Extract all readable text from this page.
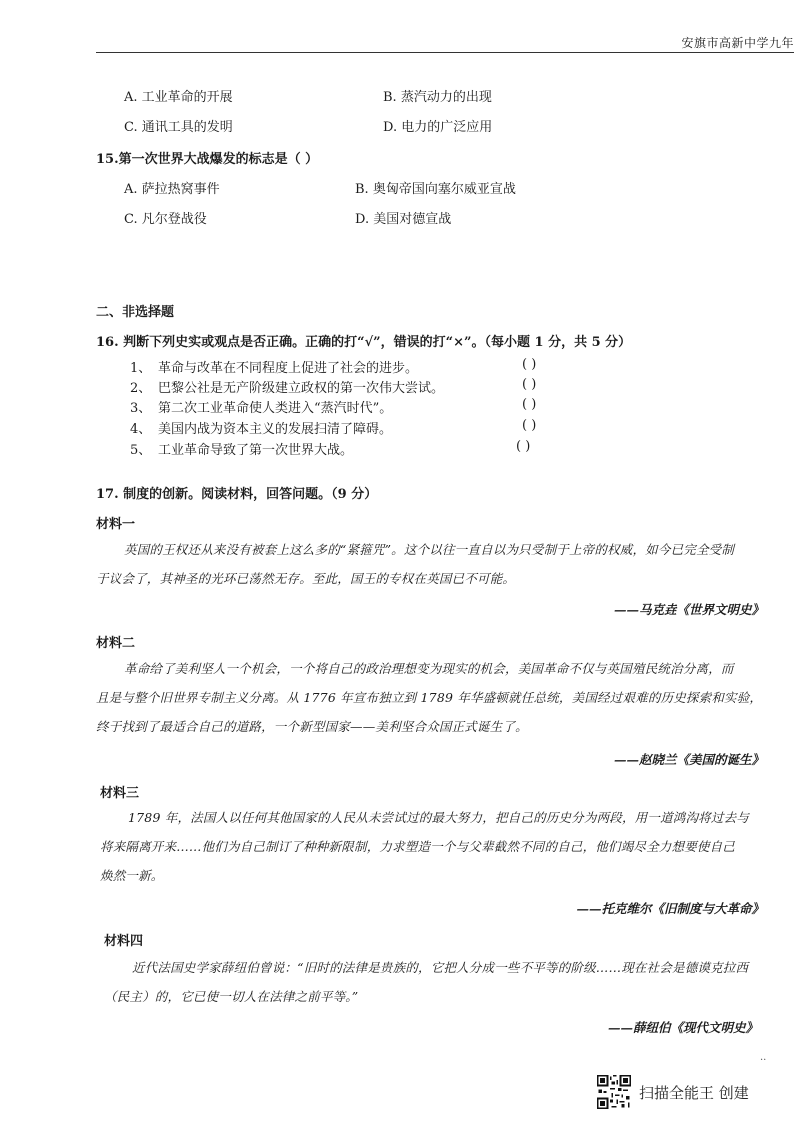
安旗市高新中学九年
A. 工业革命的开展	B. 蒸汽动力的出现
C. 通讯工具的发明	D. 电力的广泛应用
15.第一次世界大战爆发的标志是（ ）
A. 萨拉热窝事件	B. 奥匈帝国向塞尔威亚宣战
C. 凡尔登战役	D. 美国对德宣战
二、非选择题
16. 判断下列史实或观点是否正确。正确的打“√”，错误的打“×”。（每小题 1 分，共 5 分）
1、 革命与改革在不同程度上促进了社会的进步。	( )
2、 巴黎公社是无产阶级建立政权的第一次伟大尝试。	( )
3、 第二次工业革命使人类进入“蒸汽时代”。	( )
4、 美国内战为资本主义的发展扫清了障碍。	( )
5、 工业革命导致了第一次世界大战。	( )
17. 制度的创新。阅读材料，回答问题。（9 分）
材料一
英国的王权还从来没有被套上这么多的“紧箍咒”。这个以往一直自以为只受制于上帝的权威，如今已完全受制
于议会了，其神圣的光环已荡然无存。至此，国王的专权在英国已不可能。
——马克垚《世界文明史》
材料二
革命给了美利坚人一个机会，一个将自己的政治理想变为现实的机会，美国革命不仅与英国殖民统治分离，而
且是与整个旧世界专制主义分离。从 1776 年宣布独立到 1789 年华盛顿就任总统，美国经过艰难的历史探索和实验，
终于找到了最适合自己的道路，一个新型国家——美利坚合众国正式诞生了。
——赵晓兰《美国的诞生》
材料三
1789 年，法国人以任何其他国家的人民从未尝试过的最大努力，把自己的历史分为两段，用一道鸿沟将过去与
将来隔离开来……他们为自己制订了种种新限制，力求塑造一个与父辈截然不同的自己，他们竭尽全力想要使自己
焕然一新。
——托克维尔《旧制度与大革命》
材料四
近代法国史学家薛纽伯曾说：“旧时的法律是贵族的，它把人分成一些不平等的阶级……现在社会是德谟克拉西
（民主）的，它已使一切人在法律之前平等。”
——薛纽伯《现代文明史》
..
扫描全能王 创建
